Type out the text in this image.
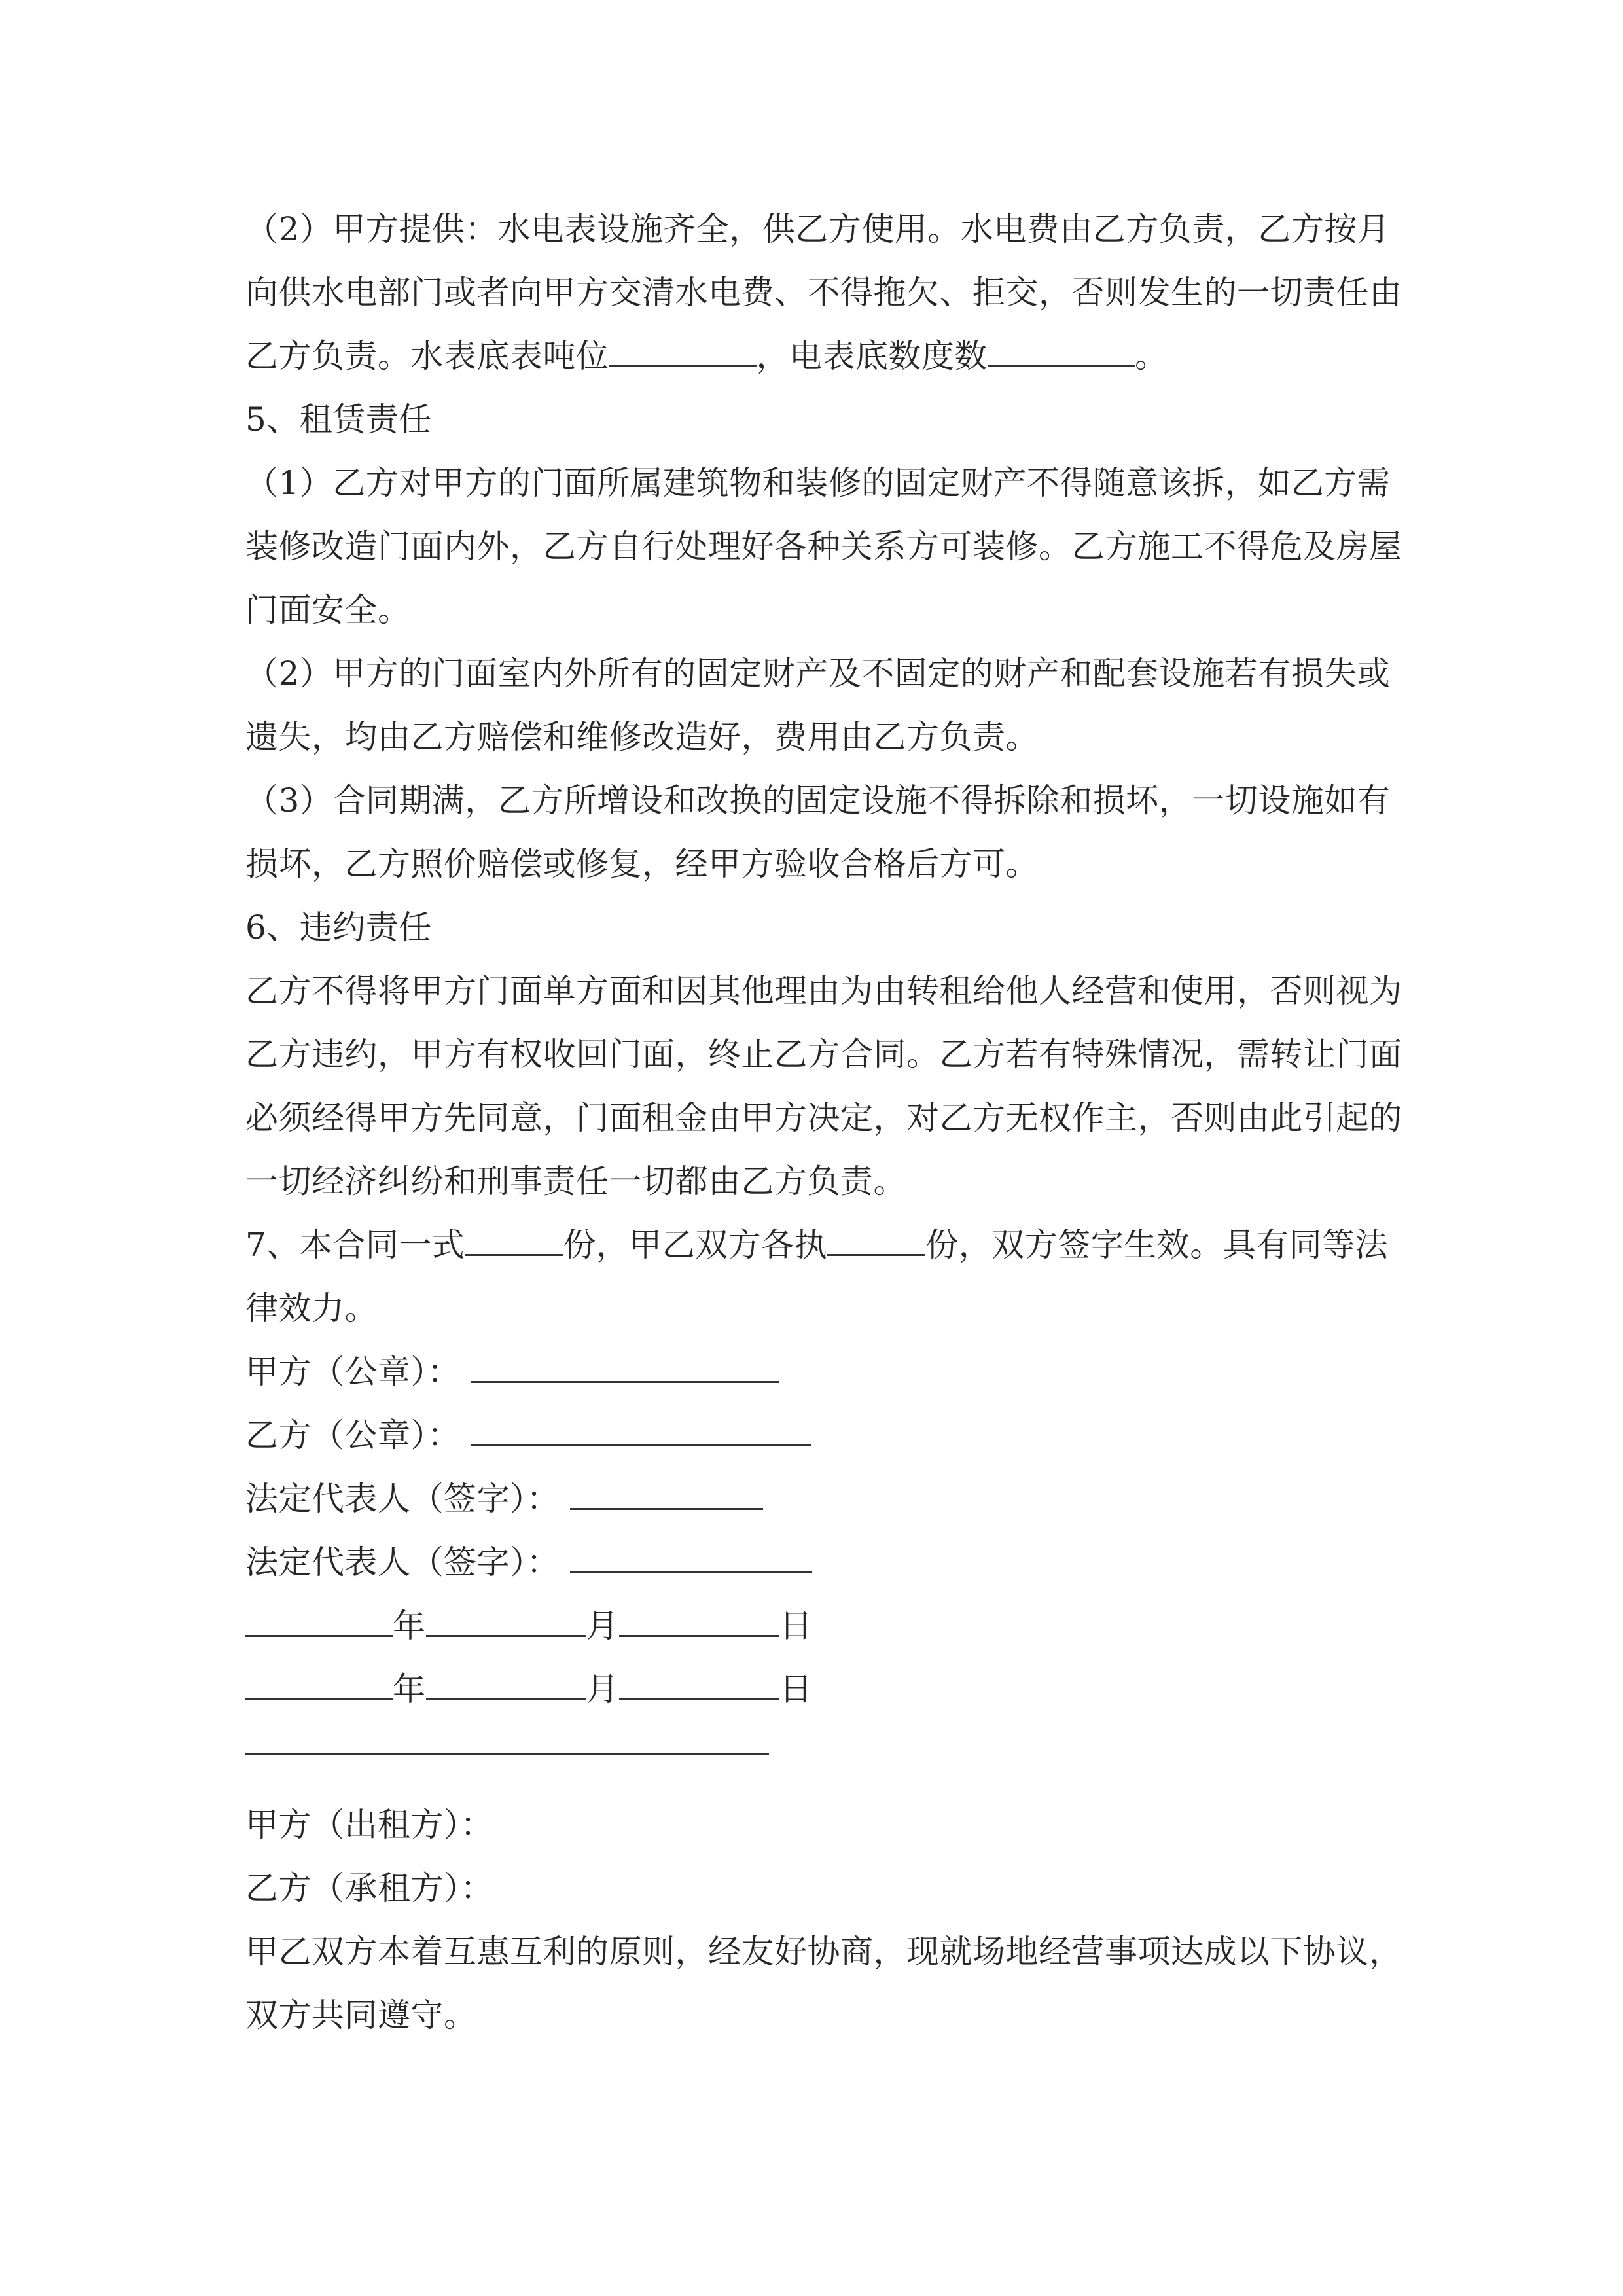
（2）甲方提供：水电表设施齐全，供乙方使用。水电费由乙方负责，乙方按月
向供水电部门或者向甲方交清水电费、不得拖欠、拒交，否则发生的一切责任由
乙方负责。水表底表吨位	，电表底数度数	。
5、租赁责任
（1）乙方对甲方的门面所属建筑物和装修的固定财产不得随意该拆，如乙方需
装修改造门面内外，乙方自行处理好各种关系方可装修。乙方施工不得危及房屋
门面安全。
（2）甲方的门面室内外所有的固定财产及不固定的财产和配套设施若有损失或
遗失，均由乙方赔偿和维修改造好，费用由乙方负责。
（3）合同期满，乙方所增设和改换的固定设施不得拆除和损坏，一切设施如有
损坏，乙方照价赔偿或修复，经甲方验收合格后方可。
6、违约责任
乙方不得将甲方门面单方面和因其他理由为由转租给他人经营和使用，否则视为
乙方违约，甲方有权收回门面，终止乙方合同。乙方若有特殊情况，需转让门面
必须经得甲方先同意，门面租金由甲方决定，对乙方无权作主，否则由此引起的
一切经济纠纷和刑事责任一切都由乙方负责。
7、本合同一式	份，甲乙双方各执	份，双方签字生效。具有同等法
律效力。
甲方（公章）：
乙方（公章）：
法定代表人（签字）：
法定代表人（签字）：
年	月	日
年	月	日
甲方（出租方）：
乙方（承租方）：
甲乙双方本着互惠互利的原则，经友好协商，现就场地经营事项达成以下协议，
双方共同遵守。
